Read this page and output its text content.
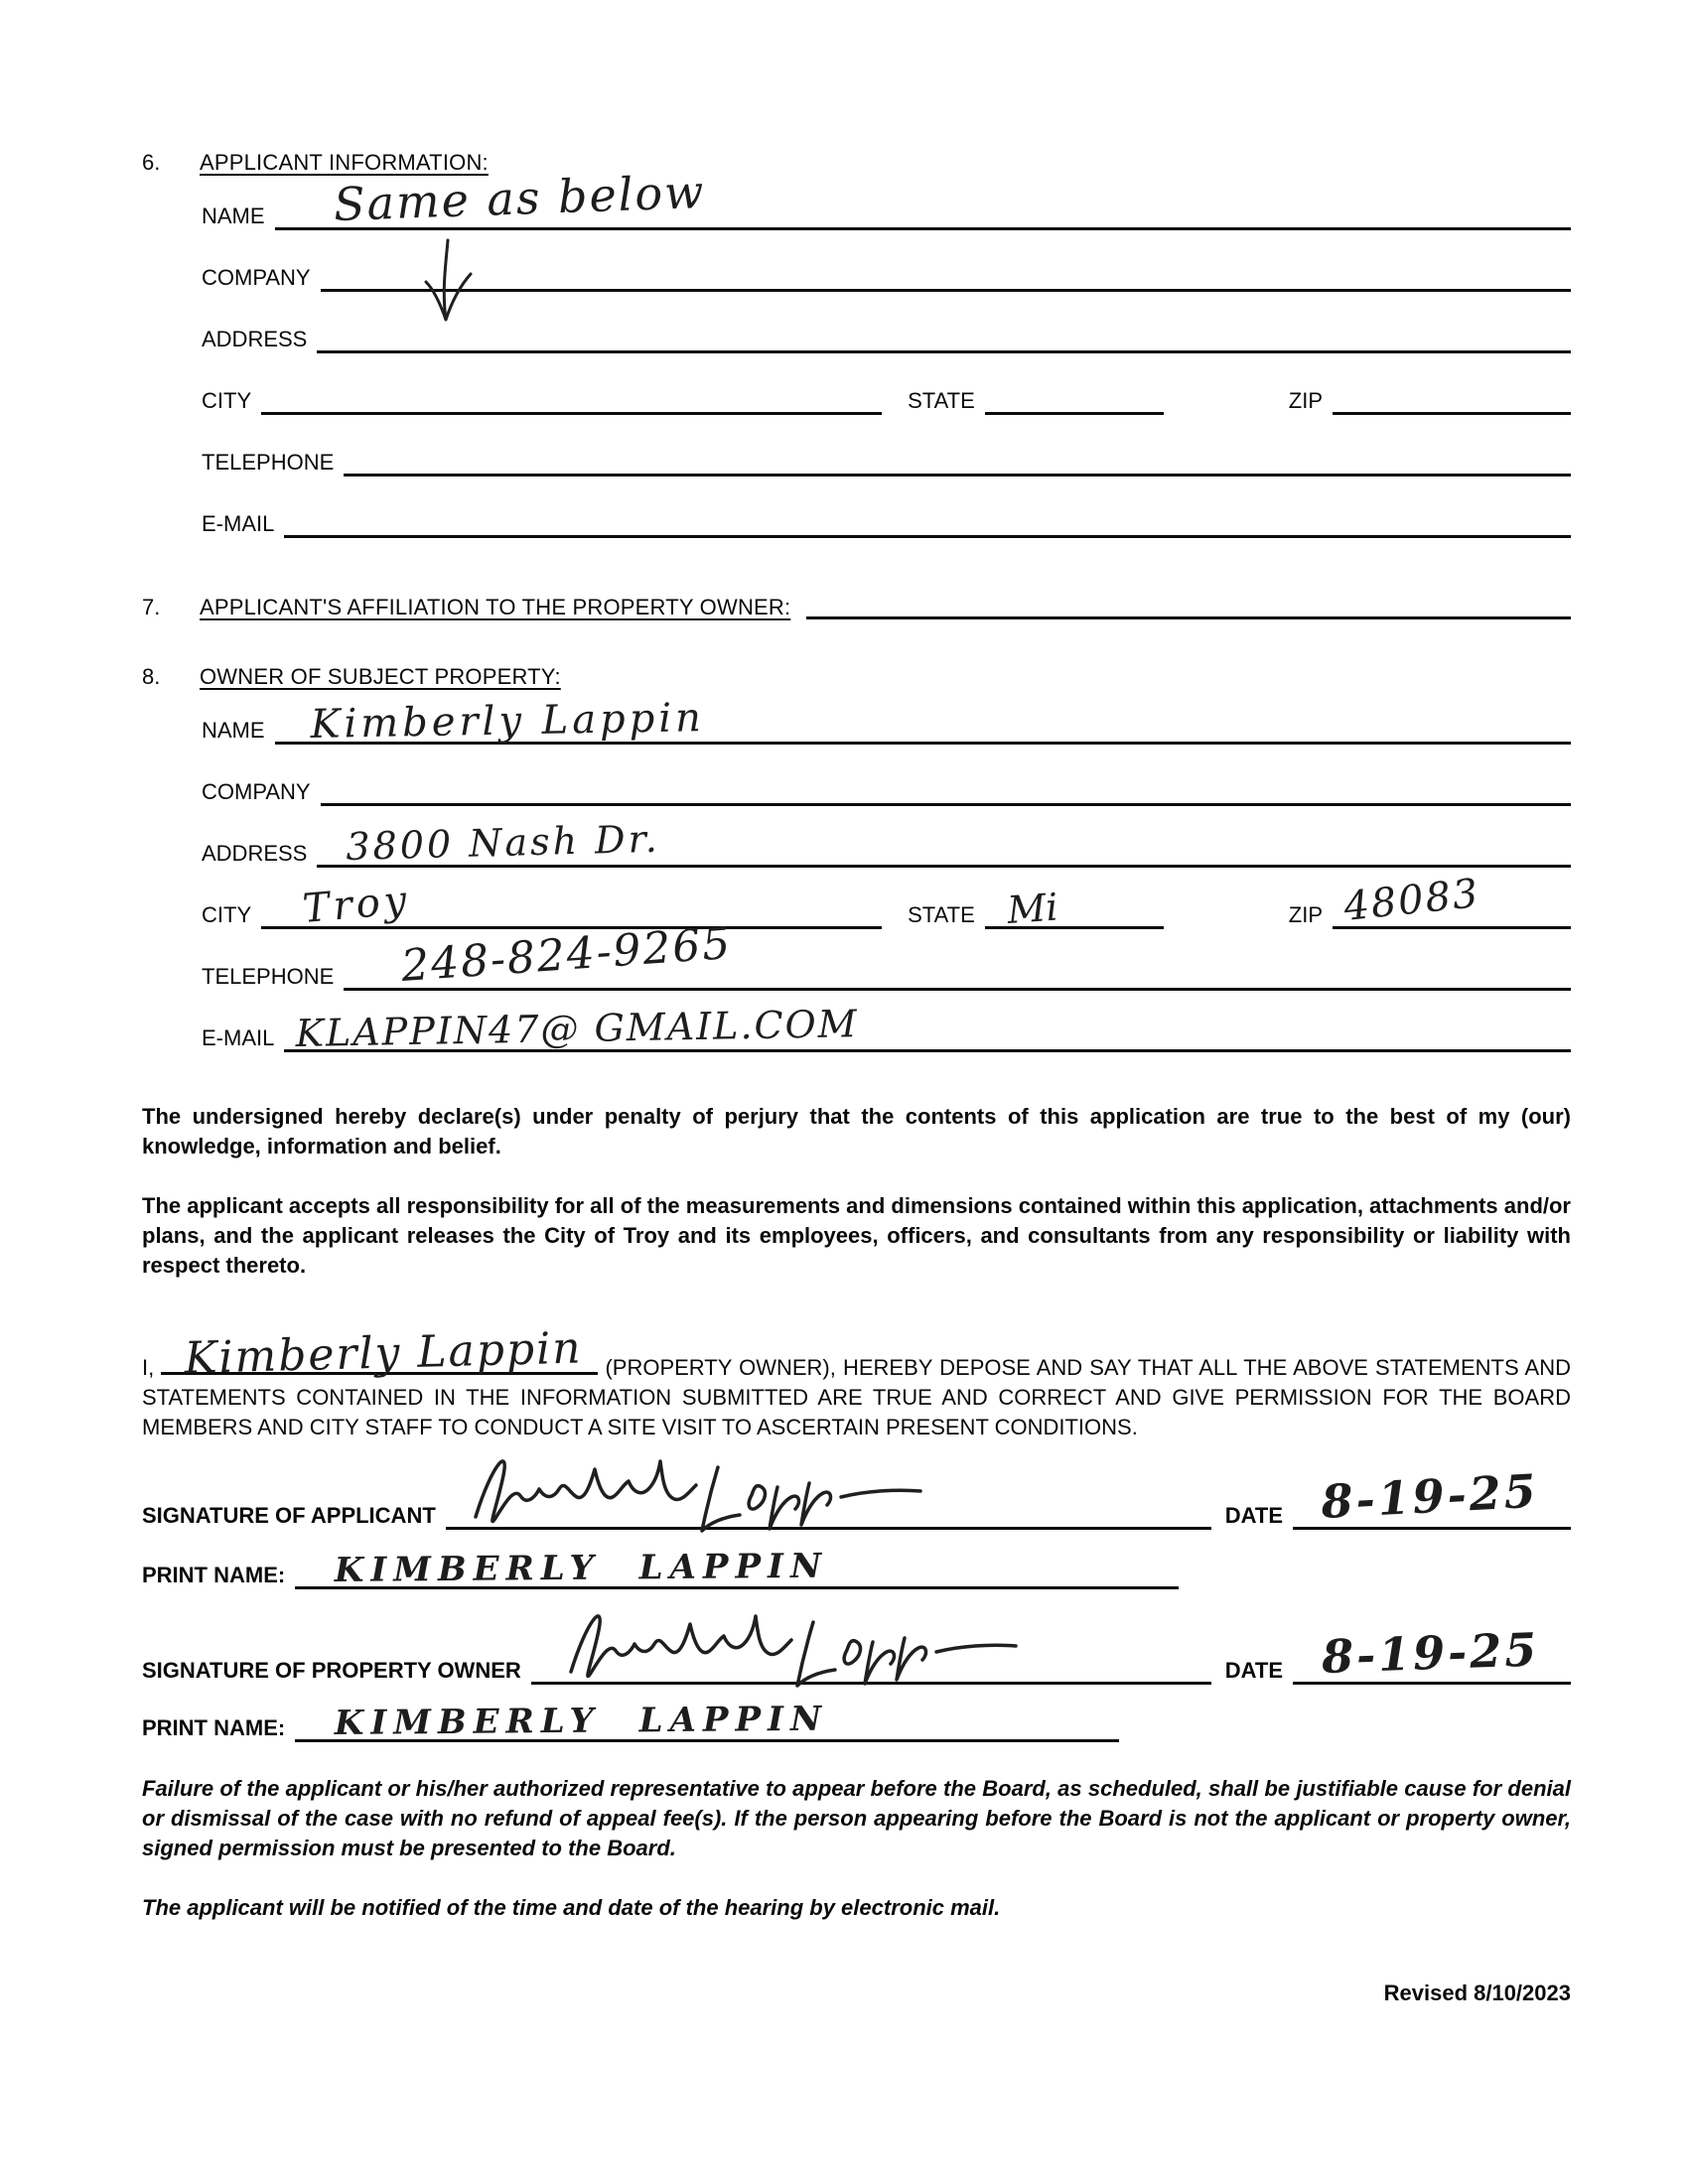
6.	APPLICANT INFORMATION:
NAME Same as below
COMPANY
ADDRESS
CITY	STATE	ZIP
TELEPHONE
E-MAIL
7.	APPLICANT'S AFFILIATION TO THE PROPERTY OWNER:
8.	OWNER OF SUBJECT PROPERTY:
NAME Kimberly Lappin
COMPANY
ADDRESS 3800 Nash Dr.
CITY Troy	STATE Mi	ZIP 48083
TELEPHONE 248-824-9265
E-MAIL KLAPPIN47@ GMAIL.COM
The undersigned hereby declare(s) under penalty of perjury that the contents of this application are true to the best of my (our) knowledge, information and belief.
The applicant accepts all responsibility for all of the measurements and dimensions contained within this application, attachments and/or plans, and the applicant releases the City of Troy and its employees, officers, and consultants from any responsibility or liability with respect thereto.
I, Kimberly Lappin (PROPERTY OWNER), HEREBY DEPOSE AND SAY THAT ALL THE ABOVE STATEMENTS AND STATEMENTS CONTAINED IN THE INFORMATION SUBMITTED ARE TRUE AND CORRECT AND GIVE PERMISSION FOR THE BOARD MEMBERS AND CITY STAFF TO CONDUCT A SITE VISIT TO ASCERTAIN PRESENT CONDITIONS.
SIGNATURE OF APPLICANT	DATE 8-19-25
PRINT NAME: KIMBERLY LAPPIN
SIGNATURE OF PROPERTY OWNER	DATE 8-19-25
PRINT NAME: KIMBERLY LAPPIN
Failure of the applicant or his/her authorized representative to appear before the Board, as scheduled, shall be justifiable cause for denial or dismissal of the case with no refund of appeal fee(s). If the person appearing before the Board is not the applicant or property owner, signed permission must be presented to the Board.
The applicant will be notified of the time and date of the hearing by electronic mail.
Revised 8/10/2023
